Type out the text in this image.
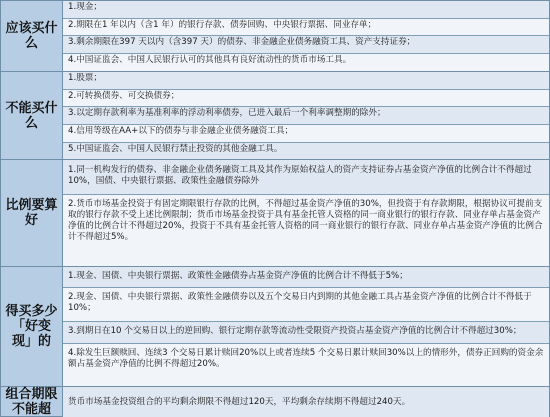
应该买什么
1.现金；
2.期限在1 年以内（含1 年）的银行存款、债券回购、中央银行票据、同业存单；
3.剩余期限在397 天以内（含397 天）的债券、非金融企业债务融资工具、资产支持证券；
4.中国证监会、中国人民银行认可的其他具有良好流动性的货币市场工具。
不能买什么
1.股票；
2.可转换债券、可交换债券；
3.以定期存款利率为基准利率的浮动利率债券，已进入最后一个利率调整期的除外；
4.信用等级在AA+以下的债券与非金融企业债务融资工具；
5.中国证监会、中国人民银行禁止投资的其他金融工具。
比例要算好
1.同一机构发行的债券、非金融企业债务融资工具及其作为原始权益人的资产支持证券占基金资产净值的比例合计不得超过10%，国债、中央银行票据、政策性金融债券除外
2.货币市场基金投资于有固定期限银行存款的比例，不得超过基金资产净值的30%，但投资于有存款期限，根据协议可提前支取的银行存款不受上述比例限制；货币市场基金投资于具有基金托管人资格的同一商业银行的银行存款、同业存单占基金资产净值的比例合计不得超过20%，投资于不具有基金托管人资格的同一商业银行的银行存款、同业存单占基金资产净值的比例合计不得超过5%。
得买多少「好变现」的
1.现金、国债、中央银行票据、政策性金融债券占基金资产净值的比例合计不得低于5%；
2.现金、国债、中央银行票据、政策性金融债券以及五个交易日内到期的其他金融工具占基金资产净值的比例合计不得低于10%；
3.到期日在10 个交易日以上的逆回购、银行定期存款等流动性受限资产投资占基金资产净值的比例合计不得超过30%；
4.除发生巨额赎回、连续3 个交易日累计赎回20%以上或者连续5 个交易日累计赎回30%以上的情形外，债券正回购的资金余额占基金资产净值的比例不得超过20%。
组合期限不能超	货币市场基金投资组合的平均剩余期限不得超过120天，平均剩余存续期不得超过240天。
